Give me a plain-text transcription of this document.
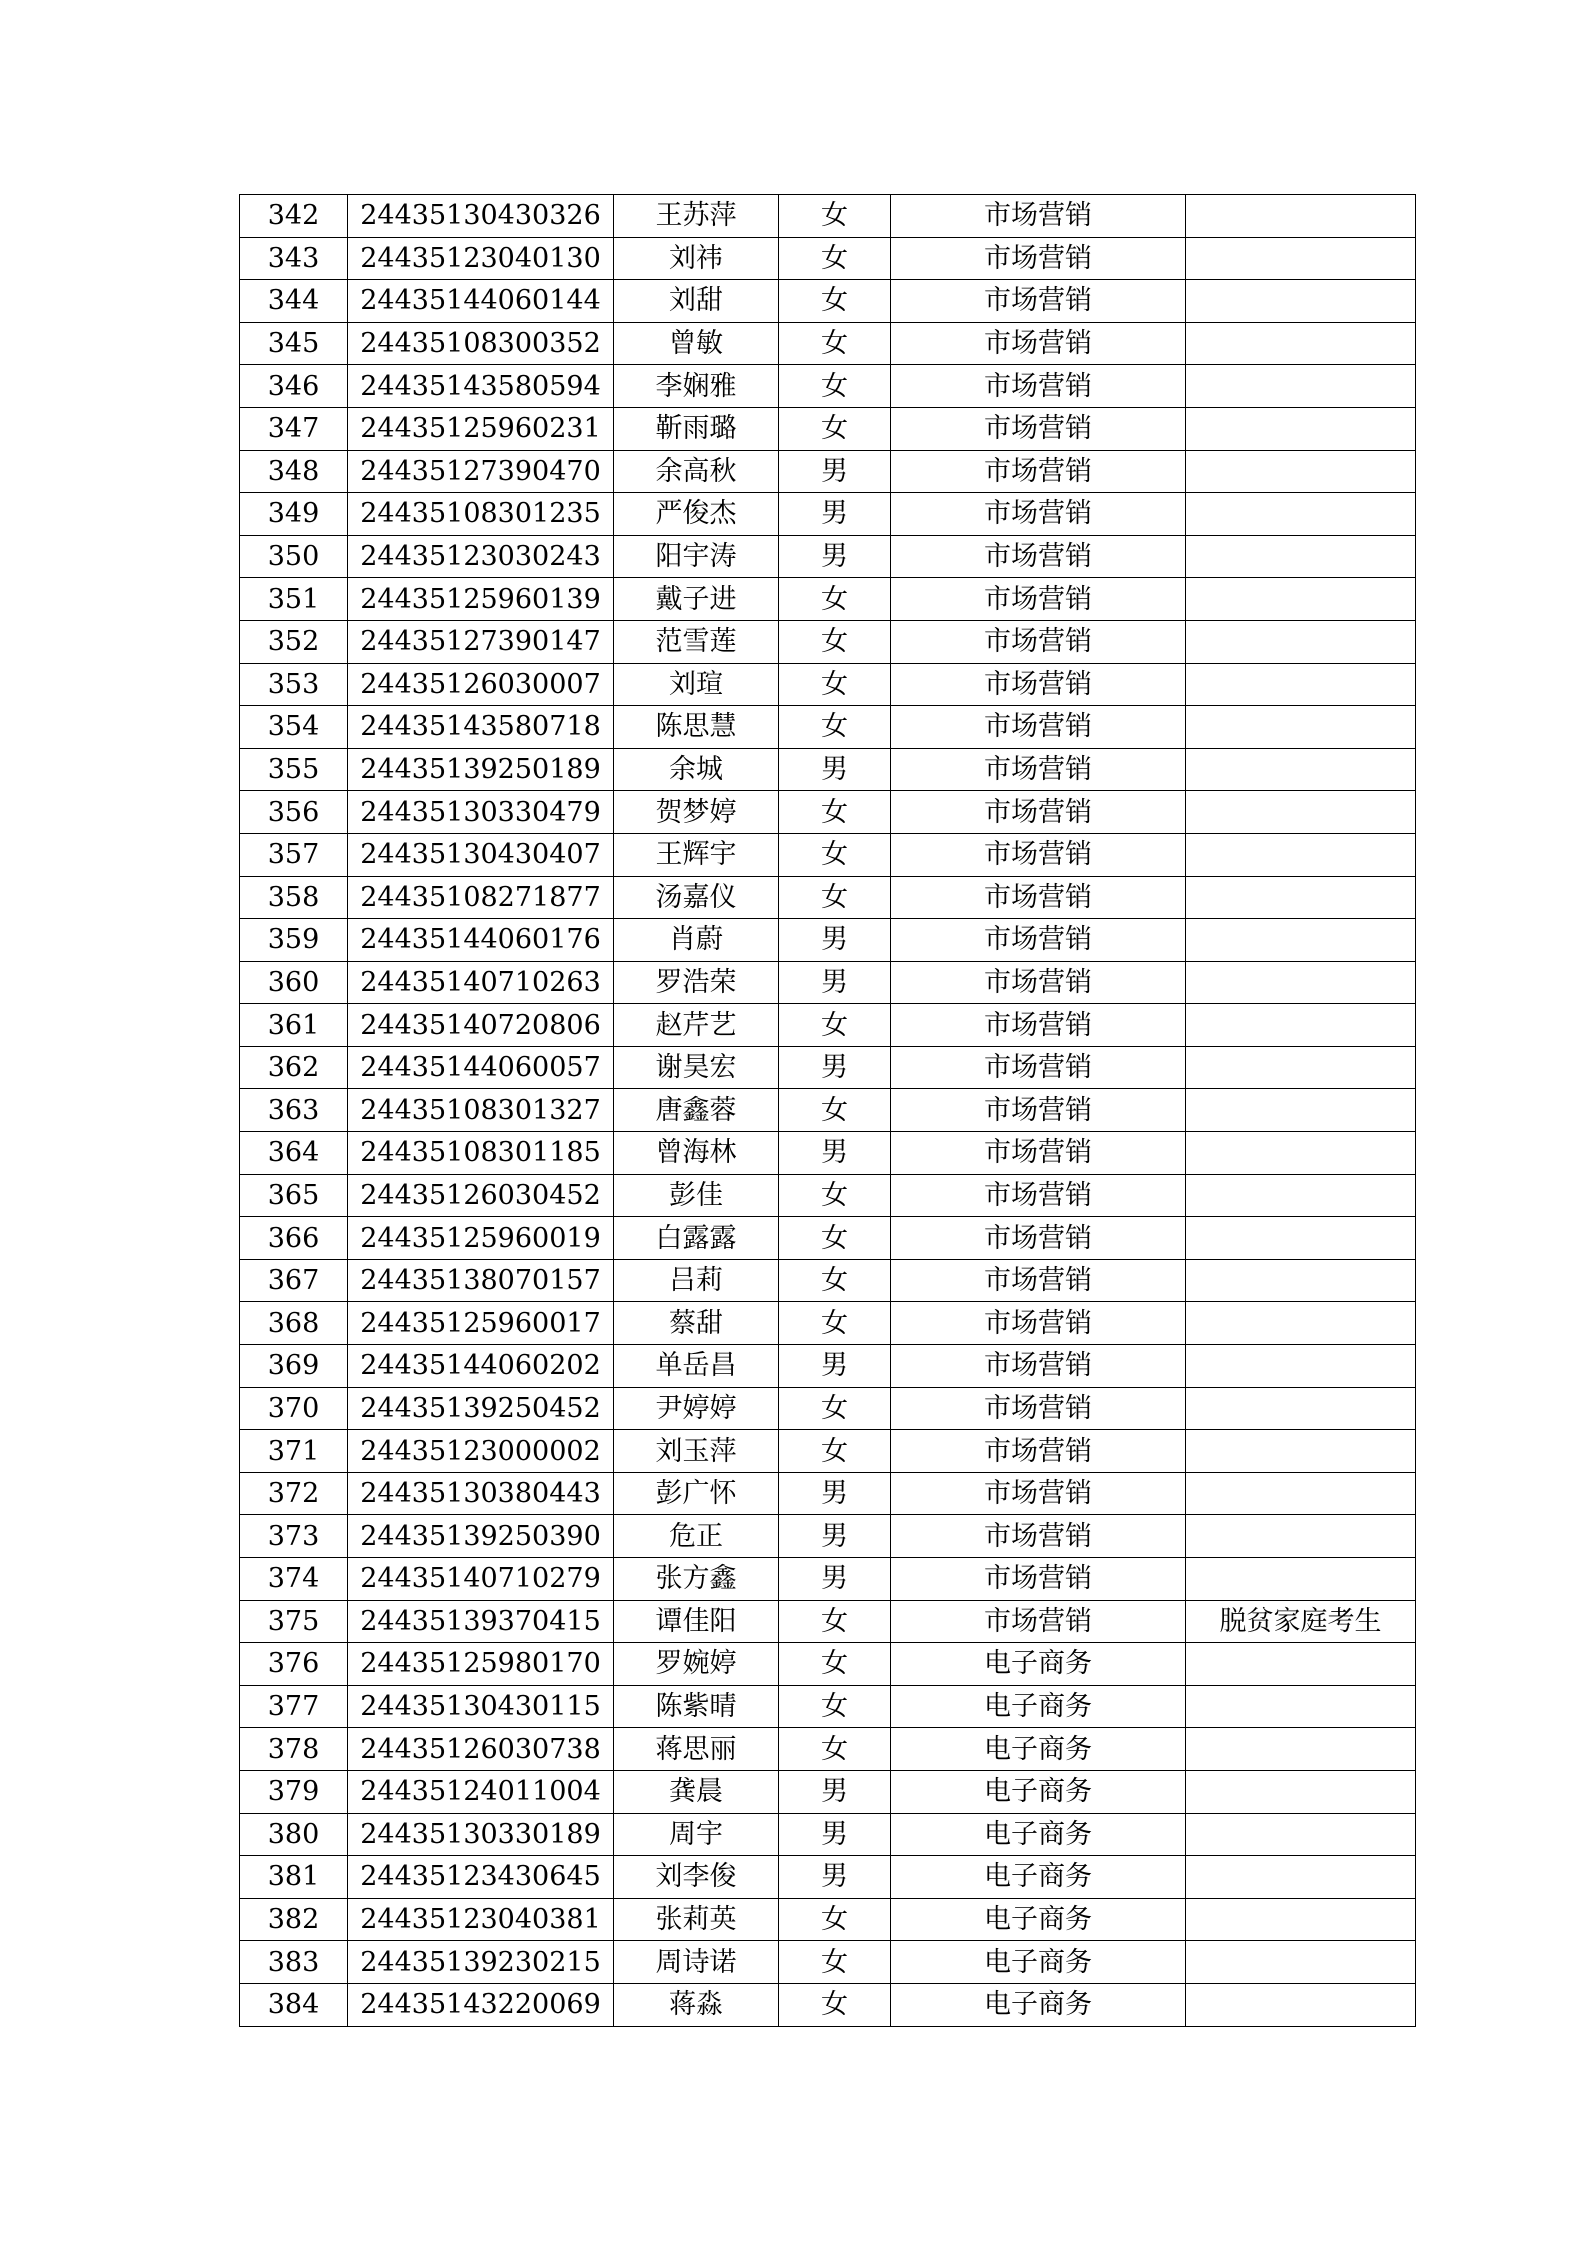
342	24435130430326	王苏萍	女	市场营销	
343	24435123040130	刘祎	女	市场营销	
344	24435144060144	刘甜	女	市场营销	
345	24435108300352	曾敏	女	市场营销	
346	24435143580594	李娴雅	女	市场营销	
347	24435125960231	靳雨璐	女	市场营销	
348	24435127390470	余高秋	男	市场营销	
349	24435108301235	严俊杰	男	市场营销	
350	24435123030243	阳宇涛	男	市场营销	
351	24435125960139	戴子进	女	市场营销	
352	24435127390147	范雪莲	女	市场营销	
353	24435126030007	刘瑄	女	市场营销	
354	24435143580718	陈思慧	女	市场营销	
355	24435139250189	余城	男	市场营销	
356	24435130330479	贺梦婷	女	市场营销	
357	24435130430407	王辉宇	女	市场营销	
358	24435108271877	汤嘉仪	女	市场营销	
359	24435144060176	肖蔚	男	市场营销	
360	24435140710263	罗浩荣	男	市场营销	
361	24435140720806	赵芹艺	女	市场营销	
362	24435144060057	谢昊宏	男	市场营销	
363	24435108301327	唐鑫蓉	女	市场营销	
364	24435108301185	曾海林	男	市场营销	
365	24435126030452	彭佳	女	市场营销	
366	24435125960019	白露露	女	市场营销	
367	24435138070157	吕莉	女	市场营销	
368	24435125960017	蔡甜	女	市场营销	
369	24435144060202	单岳昌	男	市场营销	
370	24435139250452	尹婷婷	女	市场营销	
371	24435123000002	刘玉萍	女	市场营销	
372	24435130380443	彭广怀	男	市场营销	
373	24435139250390	危正	男	市场营销	
374	24435140710279	张方鑫	男	市场营销	
375	24435139370415	谭佳阳	女	市场营销	脱贫家庭考生
376	24435125980170	罗婉婷	女	电子商务	
377	24435130430115	陈紫晴	女	电子商务	
378	24435126030738	蒋思丽	女	电子商务	
379	24435124011004	龚晨	男	电子商务	
380	24435130330189	周宇	男	电子商务	
381	24435123430645	刘李俊	男	电子商务	
382	24435123040381	张莉英	女	电子商务	
383	24435139230215	周诗诺	女	电子商务	
384	24435143220069	蒋淼	女	电子商务	
